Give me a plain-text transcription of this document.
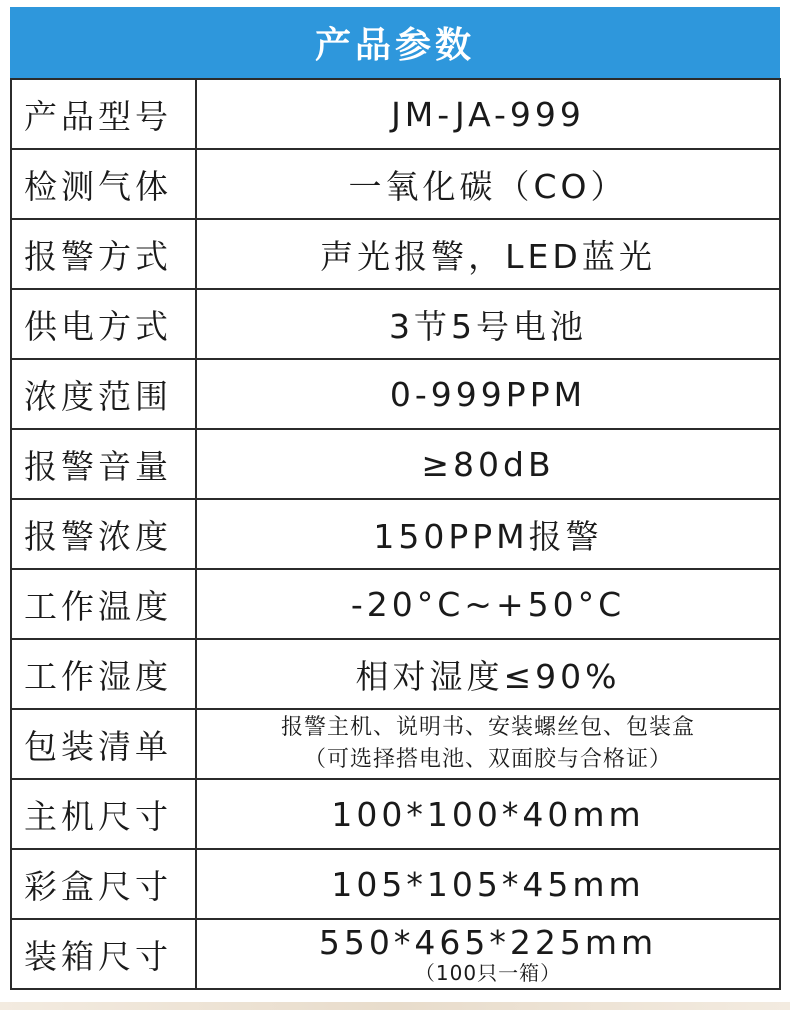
产品参数
产品型号	JM-JA-999
检测气体	一氧化碳（CO）
报警方式	声光报警，LED蓝光
供电方式	3节5号电池
浓度范围	0-999PPM
报警音量	≥80dB
报警浓度	150PPM报警
工作温度	-20°C~+50°C
工作湿度	相对湿度≤90%
包装清单	报警主机、说明书、安装螺丝包、包装盒
（可选择搭电池、双面胶与合格证）
主机尺寸	100*100*40mm
彩盒尺寸	105*105*45mm
装箱尺寸	550*465*225mm
（100只一箱）
